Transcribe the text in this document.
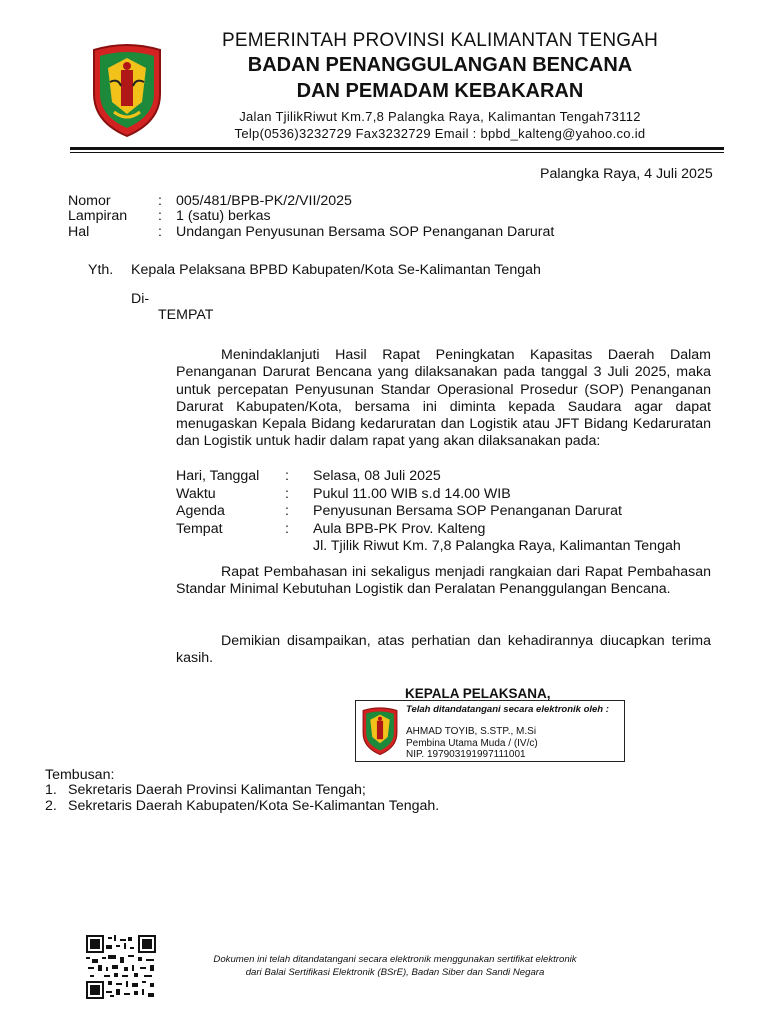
PEMERINTAH PROVINSI KALIMANTAN TENGAH
BADAN PENANGGULANGAN BENCANA
DAN PEMADAM KEBAKARAN
Jalan TjilikRiwut Km.7,8 Palangka Raya, Kalimantan Tengah73112
Telp(0536)3232729 Fax3232729 Email : bpbd_kalteng@yahoo.co.id
Palangka Raya, 4 Juli 2025
Nomor	: 005/481/BPB-PK/2/VII/2025
Lampiran : 1 (satu) berkas
Hal	: Undangan Penyusunan Bersama SOP Penanganan Darurat
Yth. Kepala Pelaksana BPBD Kabupaten/Kota Se-Kalimantan Tengah
Di-
TEMPAT
Menindaklanjuti Hasil Rapat Peningkatan Kapasitas Daerah Dalam Penanganan Darurat Bencana yang dilaksanakan pada tanggal 3 Juli 2025, maka untuk percepatan Penyusunan Standar Operasional Prosedur (SOP) Penanganan Darurat Kabupaten/Kota, bersama ini diminta kepada Saudara agar dapat menugaskan Kepala Bidang kedaruratan dan Logistik atau JFT Bidang Kedaruratan dan Logistik untuk hadir dalam rapat yang akan dilaksanakan pada:
Hari, Tanggal : Selasa, 08 Juli 2025
Waktu	: Pukul 11.00 WIB s.d 14.00 WIB
Agenda	: Penyusunan Bersama SOP Penanganan Darurat
Tempat	: Aula BPB-PK Prov. Kalteng
Jl. Tjilik Riwut Km. 7,8 Palangka Raya, Kalimantan Tengah
Rapat Pembahasan ini sekaligus menjadi rangkaian dari Rapat Pembahasan Standar Minimal Kebutuhan Logistik dan Peralatan Penanggulangan Bencana.
Demikian disampaikan, atas perhatian dan kehadirannya diucapkan terima kasih.
KEPALA PELAKSANA,
Telah ditandatangani secara elektronik oleh :
AHMAD TOYIB, S.STP., M.Si
Pembina Utama Muda / (IV/c)
NIP. 197903191997111001
Tembusan:
1. Sekretaris Daerah Provinsi Kalimantan Tengah;
2. Sekretaris Daerah Kabupaten/Kota Se-Kalimantan Tengah.
Dokumen ini telah ditandatangani secara elektronik menggunakan sertifikat elektronik
dari Balai Sertifikasi Elektronik (BSrE), Badan Siber dan Sandi Negara
